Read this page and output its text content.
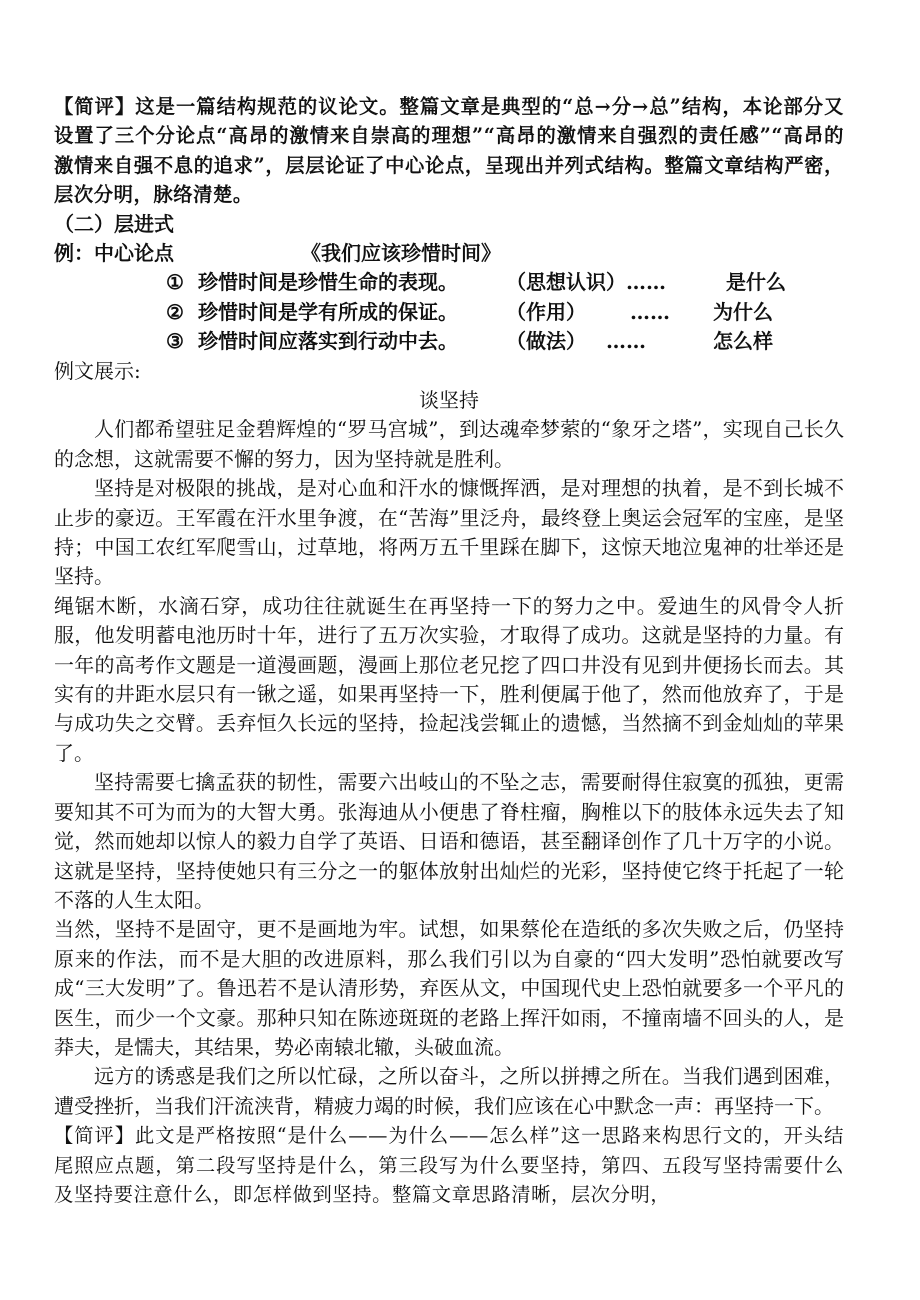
【简评】这是一篇结构规范的议论文。整篇文章是典型的“总→分→总”结构，本论部分又设置了三个分论点“高昂的激情来自崇高的理想”“高昂的激情来自强烈的责任感”“高昂的激情来自强不息的追求”，层层论证了中心论点，呈现出并列式结构。整篇文章结构严密，层次分明，脉络清楚。

（二）层进式

例：中心论点	《我们应该珍惜时间》
① 珍惜时间是珍惜生命的表现。 （思想认识）……	是什么
② 珍惜时间是学有所成的保证。 （作用） …… 为什么
③ 珍惜时间应落实到行动中去。 （做法） ……	怎么样

例文展示:

谈坚持

人们都希望驻足金碧辉煌的“罗马宫城”，到达魂牵梦萦的“象牙之塔”，实现自己长久的念想，这就需要不懈的努力，因为坚持就是胜利。

坚持是对极限的挑战，是对心血和汗水的慷慨挥洒，是对理想的执着，是不到长城不止步的豪迈。王军霞在汗水里争渡，在“苦海”里泛舟，最终登上奥运会冠军的宝座，是坚持；中国工农红军爬雪山，过草地，将两万五千里踩在脚下，这惊天地泣鬼神的壮举还是坚持。

绳锯木断，水滴石穿，成功往往就诞生在再坚持一下的努力之中。爱迪生的风骨令人折服，他发明蓄电池历时十年，进行了五万次实验，才取得了成功。这就是坚持的力量。有一年的高考作文题是一道漫画题，漫画上那位老兄挖了四口井没有见到井便扬长而去。其实有的井距水层只有一锹之遥，如果再坚持一下，胜利便属于他了，然而他放弃了，于是与成功失之交臂。丢弃恒久长远的坚持，捡起浅尝辄止的遗憾，当然摘不到金灿灿的苹果了。

坚持需要七擒孟获的韧性，需要六出岐山的不坠之志，需要耐得住寂寞的孤独，更需要知其不可为而为的大智大勇。张海迪从小便患了脊柱瘤，胸椎以下的肢体永远失去了知觉，然而她却以惊人的毅力自学了英语、日语和德语，甚至翻译创作了几十万字的小说。这就是坚持，坚持使她只有三分之一的躯体放射出灿烂的光彩，坚持使它终于托起了一轮不落的人生太阳。

当然，坚持不是固守，更不是画地为牢。试想，如果蔡伦在造纸的多次失败之后，仍坚持原来的作法，而不是大胆的改进原料，那么我们引以为自豪的“四大发明”恐怕就要改写成“三大发明”了。鲁迅若不是认清形势，弃医从文，中国现代史上恐怕就要多一个平凡的医生，而少一个文豪。那种只知在陈迹斑斑的老路上挥汗如雨，不撞南墙不回头的人，是莽夫，是懦夫，其结果，势必南辕北辙，头破血流。

远方的诱惑是我们之所以忙碌，之所以奋斗，之所以拼搏之所在。当我们遇到困难，遭受挫折，当我们汗流浃背，精疲力竭的时候，我们应该在心中默念一声：再坚持一下。

【简评】此文是严格按照“是什么——为什么——怎么样”这一思路来构思行文的，开头结尾照应点题，第二段写坚持是什么，第三段写为什么要坚持，第四、五段写坚持需要什么及坚持要注意什么，即怎样做到坚持。整篇文章思路清晰，层次分明，
